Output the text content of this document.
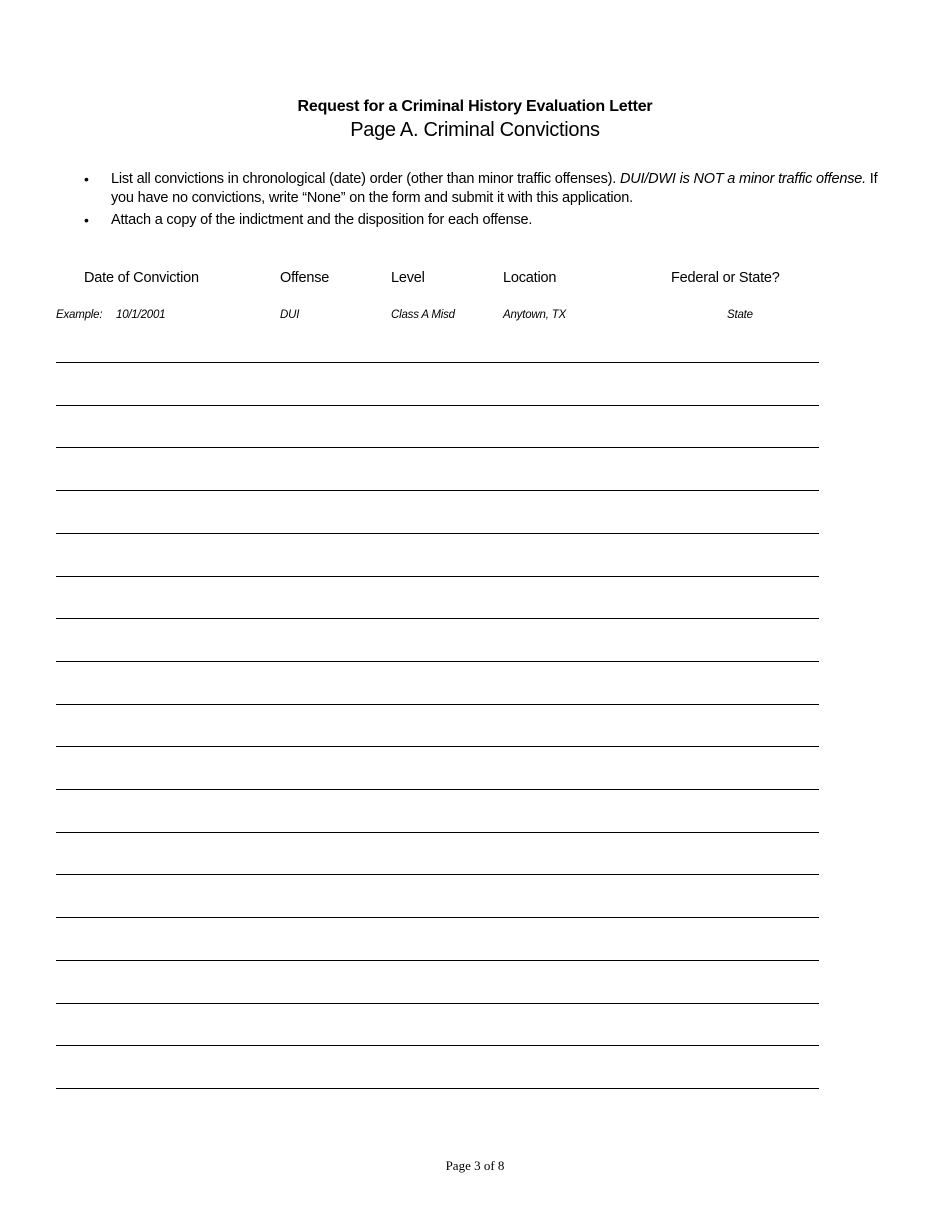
Request for a Criminal History Evaluation Letter
Page A. Criminal Convictions
• List all convictions in chronological (date) order (other than minor traffic offenses). DUI/DWI is NOT a minor traffic offense. If you have no convictions, write “None” on the form and submit it with this application.
• Attach a copy of the indictment and the disposition for each offense.
Date of Conviction	Offense	Level	Location	Federal or State?
Example: 10/1/2001	DUI	Class A Misd	Anytown, TX	State
Page 3 of 8
